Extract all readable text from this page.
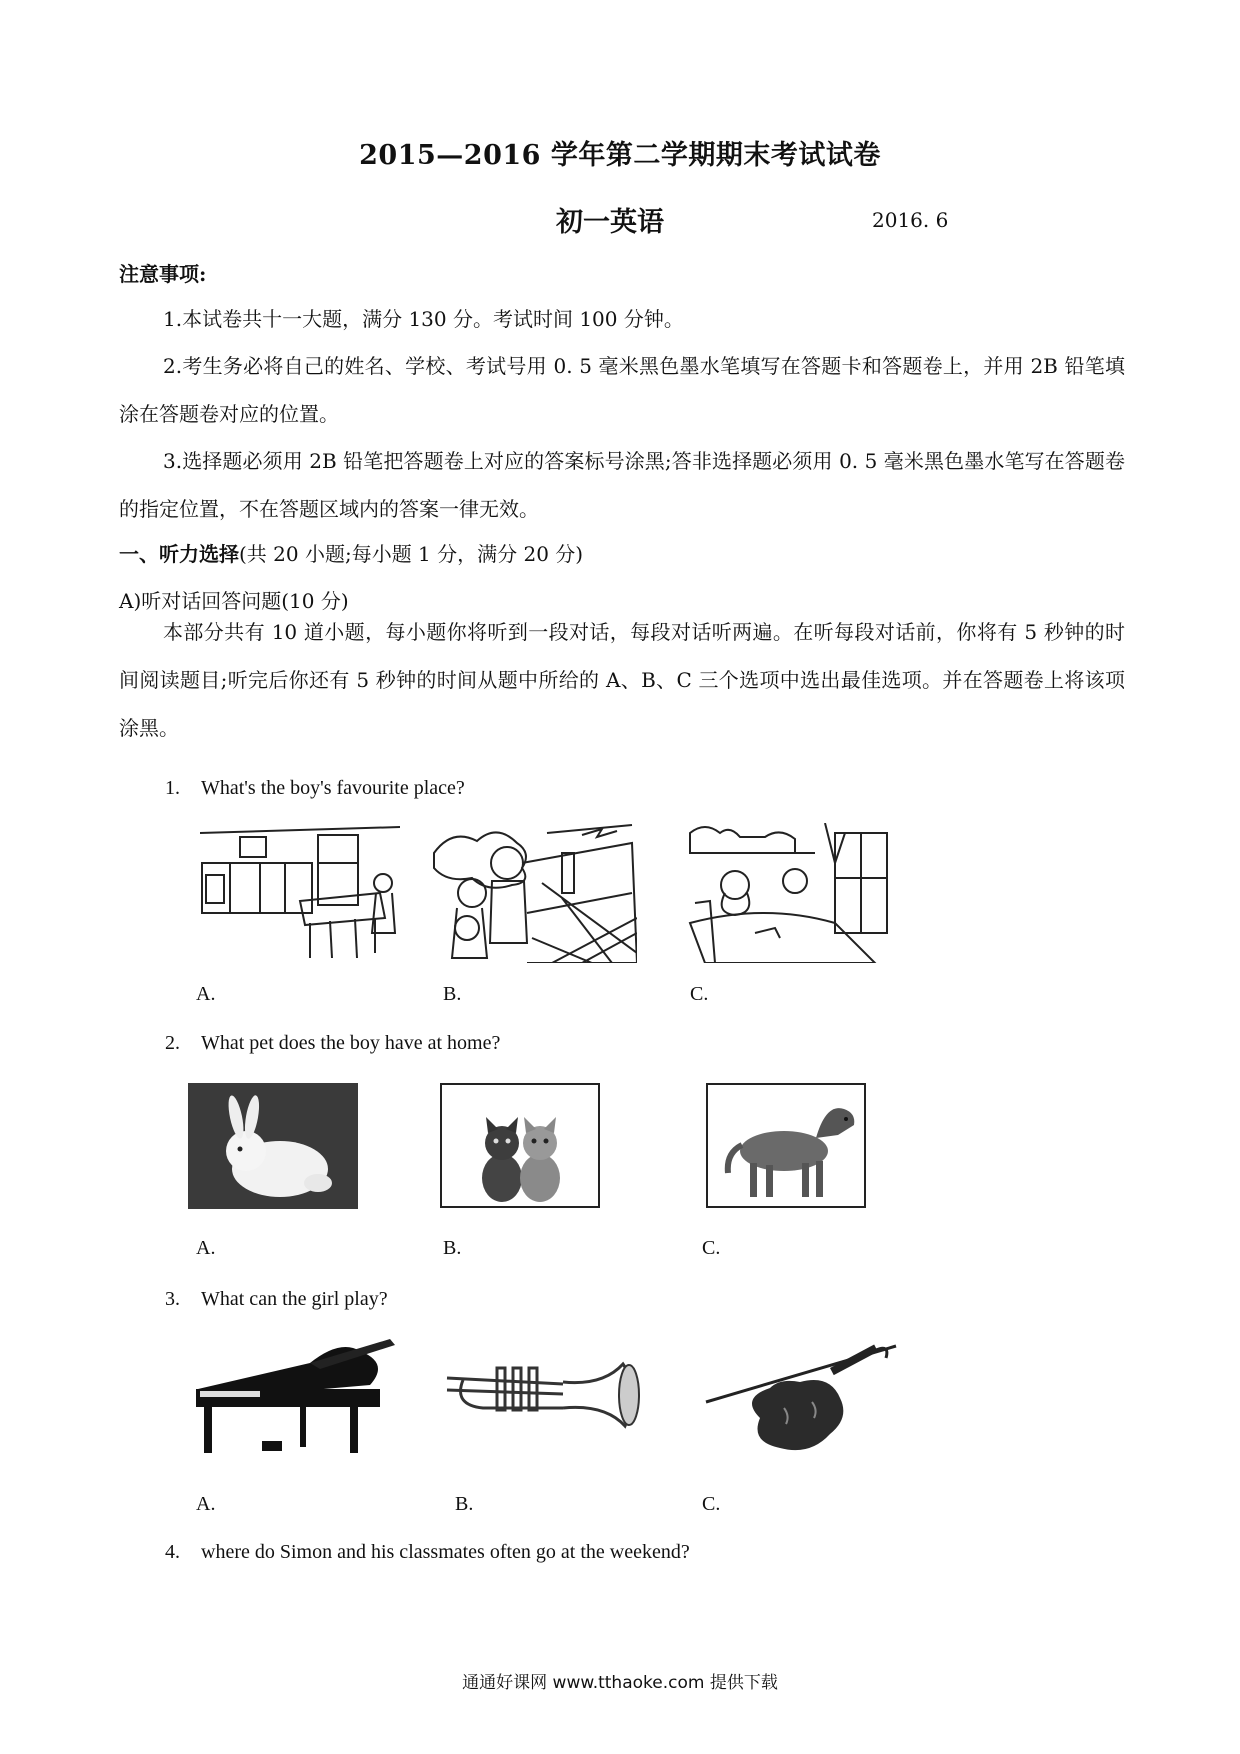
2015—2016 学年第二学期期末考试试卷
初一英语	2016. 6
注意事项:
1.本试卷共十一大题，满分 130 分。考试时间 100 分钟。
2.考生务必将自己的姓名、学校、考试号用 0. 5 毫米黑色墨水笔填写在答题卡和答题卷上，并用 2B 铅笔填涂在答题卷对应的位置。
3.选择题必须用 2B 铅笔把答题卷上对应的答案标号涂黑;答非选择题必须用 0. 5 毫米黑色墨水笔写在答题卷的指定位置，不在答题区域内的答案一律无效。
一、听力选择(共 20 小题;每小题 1 分，满分 20 分)
A)听对话回答问题(10 分)
本部分共有 10 道小题，每小题你将听到一段对话，每段对话听两遍。在听每段对话前，你将有 5 秒钟的时间阅读题目;听完后你还有 5 秒钟的时间从题中所给的 A、B、C 三个选项中选出最佳选项。并在答题卷上将该项涂黑。
1. What's the boy's favourite place?
A.	B.	C.
2. What pet does the boy have at home?
A.	B.	C.
3. What can the girl play?
A.	B.	C.
4. where do Simon and his classmates often go at the weekend?
通通好课网 www.tthaoke.com 提供下载
